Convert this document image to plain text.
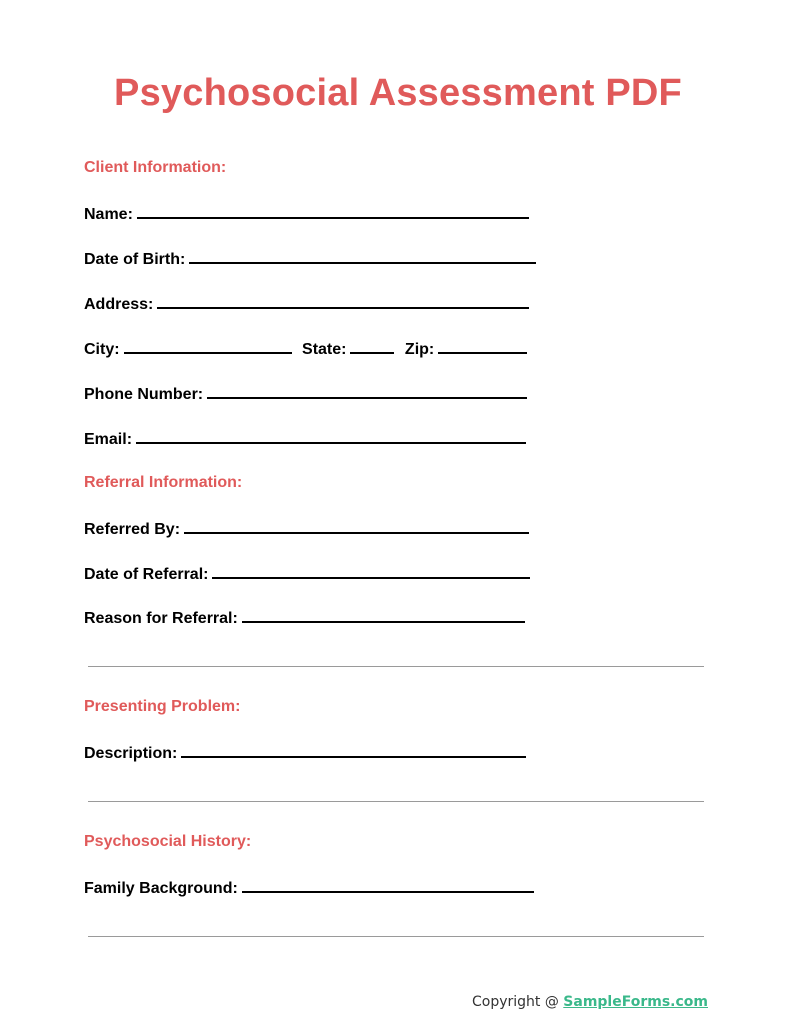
Psychosocial Assessment PDF
Client Information:
Name:
Date of Birth:
Address:
City:	State:	Zip:
Phone Number:
Email:
Referral Information:
Referred By:
Date of Referral:
Reason for Referral:
Presenting Problem:
Description:
Psychosocial History:
Family Background:
Copyright @ SampleForms.com
